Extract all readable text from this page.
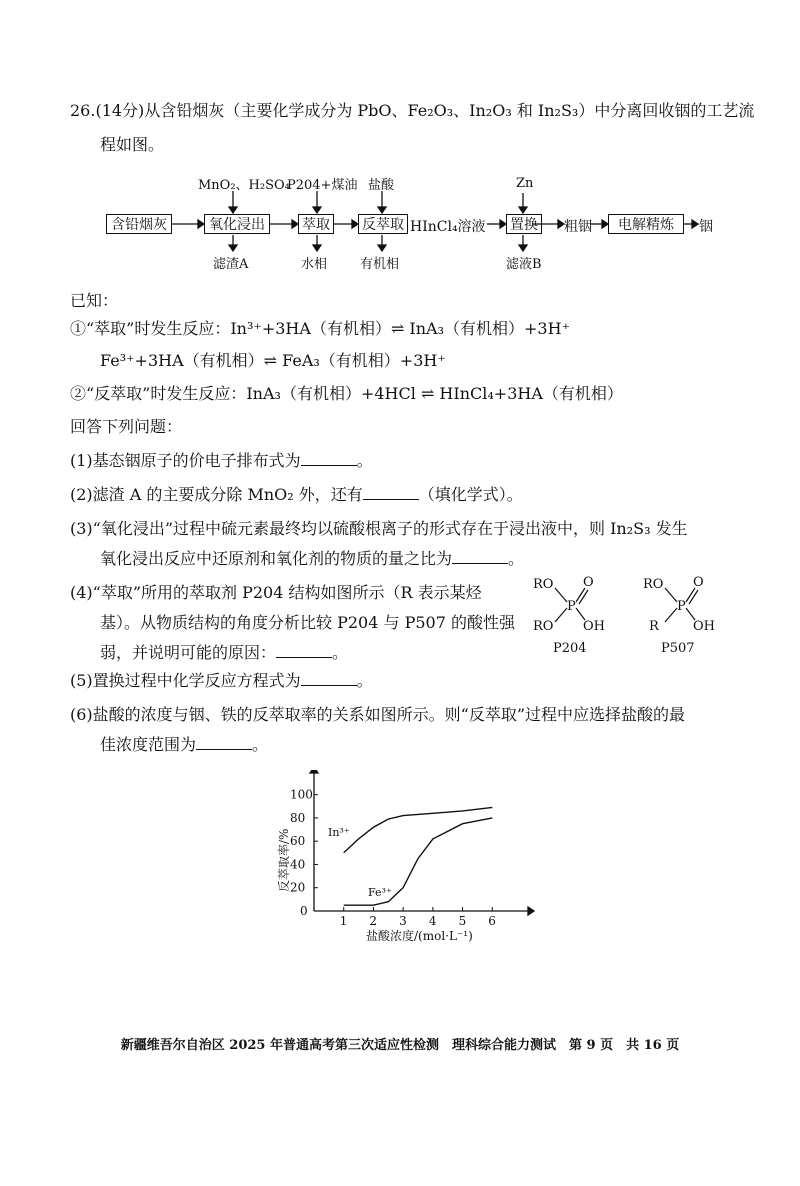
26.(14分)从含铅烟灰（主要化学成分为 PbO、Fe₂O₃、In₂O₃ 和 In₂S₃）中分离回收铟的工艺流
程如图。
含铅烟灰	氧化浸出	萃取 反萃取 HInCl₄溶液 置换 粗铟	电解精炼	铟
MnO₂、H₂SO₄
P204+煤油 盐酸	Zn
滤渣A	水相	有机相	滤液B
已知：
①“萃取”时发生反应：In³⁺+3HA（有机相）⇌ InA₃（有机相）+3H⁺
Fe³⁺+3HA（有机相）⇌ FeA₃（有机相）+3H⁺
②“反萃取”时发生反应：InA₃（有机相）+4HCl ⇌ HInCl₄+3HA（有机相）
回答下列问题：
(1)基态铟原子的价电子排布式为	。
(2)滤渣 A 的主要成分除 MnO₂ 外，还有	（填化学式）。
(3)“氧化浸出”过程中硫元素最终均以硫酸根离子的形式存在于浸出液中，则 In₂S₃ 发生
氧化浸出反应中还原剂和氧化剂的物质的量之比为	。
(4)“萃取”所用的萃取剂 P204 结构如图所示（R 表示某烃
基）。从物质结构的角度分析比较 P204 与 P507 的酸性强
弱，并说明可能的原因：	。
RO
RO
P
O
OH
P204
RO
R
P
O
OH
P507
(5)置换过程中化学反应方程式为	。
(6)盐酸的浓度与铟、铁的反萃取率的关系如图所示。则“反萃取”过程中应选择盐酸的最
佳浓度范围为	。
1 2 3 4 5 6
20
40
60
80
100
反萃取率/%
盐酸浓度/(mol·L⁻¹)
0
In³⁺
Fe³⁺
新疆维吾尔自治区 2025 年普通高考第三次适应性检测　理科综合能力测试　第 9 页　共 16 页
